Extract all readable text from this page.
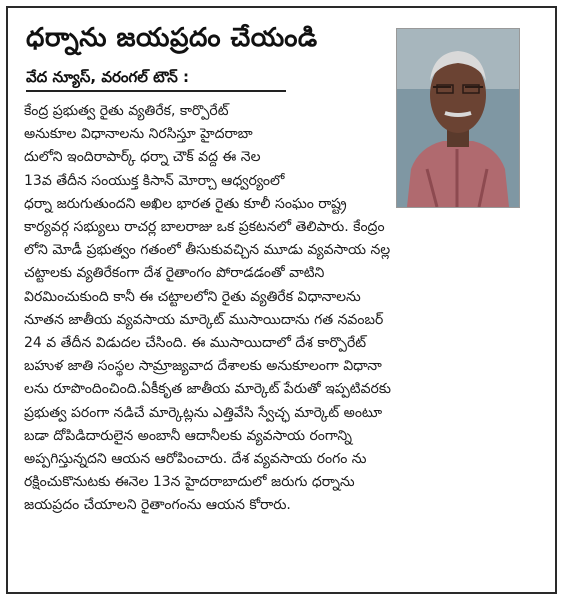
ధర్నాను జయప్రదం చేయండి
వేద న్యూస్, వరంగల్ టౌన్ :
కేంద్ర ప్రభుత్వ రైతు వ్యతిరేక, కార్పొరేట్
అనుకూల విధానాలను నిరసిస్తూ హైదరాబా
దులోని ఇందిరాపార్క్ ధర్నా చౌక్ వద్ద ఈ నెల
13వ తేదీన సంయుక్త కిసాన్ మోర్చా ఆధ్వర్యంలో
ధర్నా జరుగుతుందని అఖిల భారత రైతు కూలీ సంఘం రాష్ట్ర
కార్యవర్గ సభ్యులు రాచర్ల బాలరాజు ఒక ప్రకటనలో తెలిపారు. కేంద్రం
లోని మోడీ ప్రభుత్వం గతంలో తీసుకువచ్చిన మూడు వ్యవసాయ నల్ల
చట్టాలకు వ్యతిరేకంగా దేశ రైతాంగం పోరాడడంతో వాటిని
విరమించుకుంది కానీ ఈ చట్టాలలోని రైతు వ్యతిరేక విధానాలను
నూతన జాతీయ వ్యవసాయ మార్కెట్ ముసాయిదాను గత నవంబర్
24 వ తేదీన విడుదల చేసింది. ఈ ముసాయిదాలో దేశ కార్పొరేట్
బహుళ జాతి సంస్థల సామ్రాజ్యవాద దేశాలకు అనుకూలంగా విధానా
లను రూపొందించింది.ఏకీకృత జాతీయ మార్కెట్ పేరుతో ఇప్పటివరకు
ప్రభుత్వ పరంగా నడిచే మార్కెట్లను ఎత్తివేసి స్వేచ్ఛ మార్కెట్ అంటూ
బడా దోపిడిదారులైన అంబానీ ఆదానీలకు వ్యవసాయ రంగాన్ని
అప్పగిస్తున్నదని ఆయన ఆరోపించారు. దేశ వ్యవసాయ రంగం ను
రక్షించుకొనుటకు ఈనెల 13న హైదరాబాదులో జరుగు ధర్నాను
జయప్రదం చేయాలని రైతాంగంను ఆయన కోరారు.
